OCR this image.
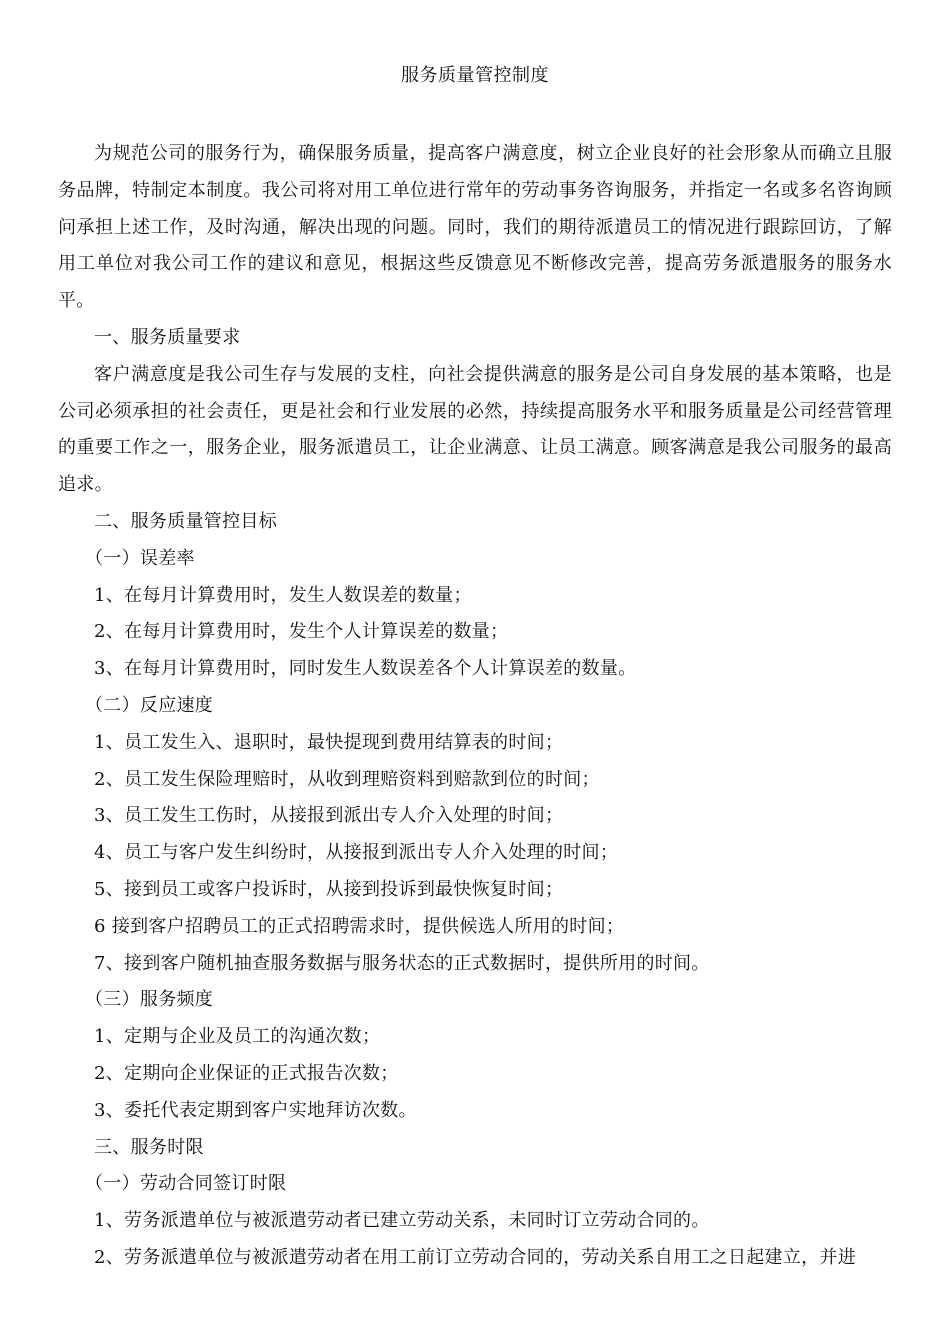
服务质量管控制度

为规范公司的服务行为，确保服务质量，提高客户满意度，树立企业良好的社会形象从而确立且服务品牌，特制定本制度。我公司将对用工单位进行常年的劳动事务咨询服务，并指定一名或多名咨询顾问承担上述工作，及时沟通，解决出现的问题。同时，我们的期待派遣员工的情况进行跟踪回访，了解用工单位对我公司工作的建议和意见，根据这些反馈意见不断修改完善，提高劳务派遣服务的服务水平。

一、服务质量要求

客户满意度是我公司生存与发展的支柱，向社会提供满意的服务是公司自身发展的基本策略，也是公司必须承担的社会责任，更是社会和行业发展的必然，持续提高服务水平和服务质量是公司经营管理的重要工作之一，服务企业，服务派遣员工，让企业满意、让员工满意。顾客满意是我公司服务的最高追求。

二、服务质量管控目标

（一）误差率

1、在每月计算费用时，发生人数误差的数量；

2、在每月计算费用时，发生个人计算误差的数量；

3、在每月计算费用时，同时发生人数误差各个人计算误差的数量。

（二）反应速度

1、员工发生入、退职时，最快提现到费用结算表的时间；

2、员工发生保险理赔时，从收到理赔资料到赔款到位的时间；

3、员工发生工伤时，从接报到派出专人介入处理的时间；

4、员工与客户发生纠纷时，从接报到派出专人介入处理的时间；

5、接到员工或客户投诉时，从接到投诉到最快恢复时间；

6 接到客户招聘员工的正式招聘需求时，提供候选人所用的时间；

7、接到客户随机抽查服务数据与服务状态的正式数据时，提供所用的时间。

（三）服务频度

1、定期与企业及员工的沟通次数；

2、定期向企业保证的正式报告次数；

3、委托代表定期到客户实地拜访次数。

三、服务时限

（一）劳动合同签订时限

1、劳务派遣单位与被派遣劳动者已建立劳动关系，未同时订立劳动合同的。

2、劳务派遣单位与被派遣劳动者在用工前订立劳动合同的，劳动关系自用工之日起建立，并进
